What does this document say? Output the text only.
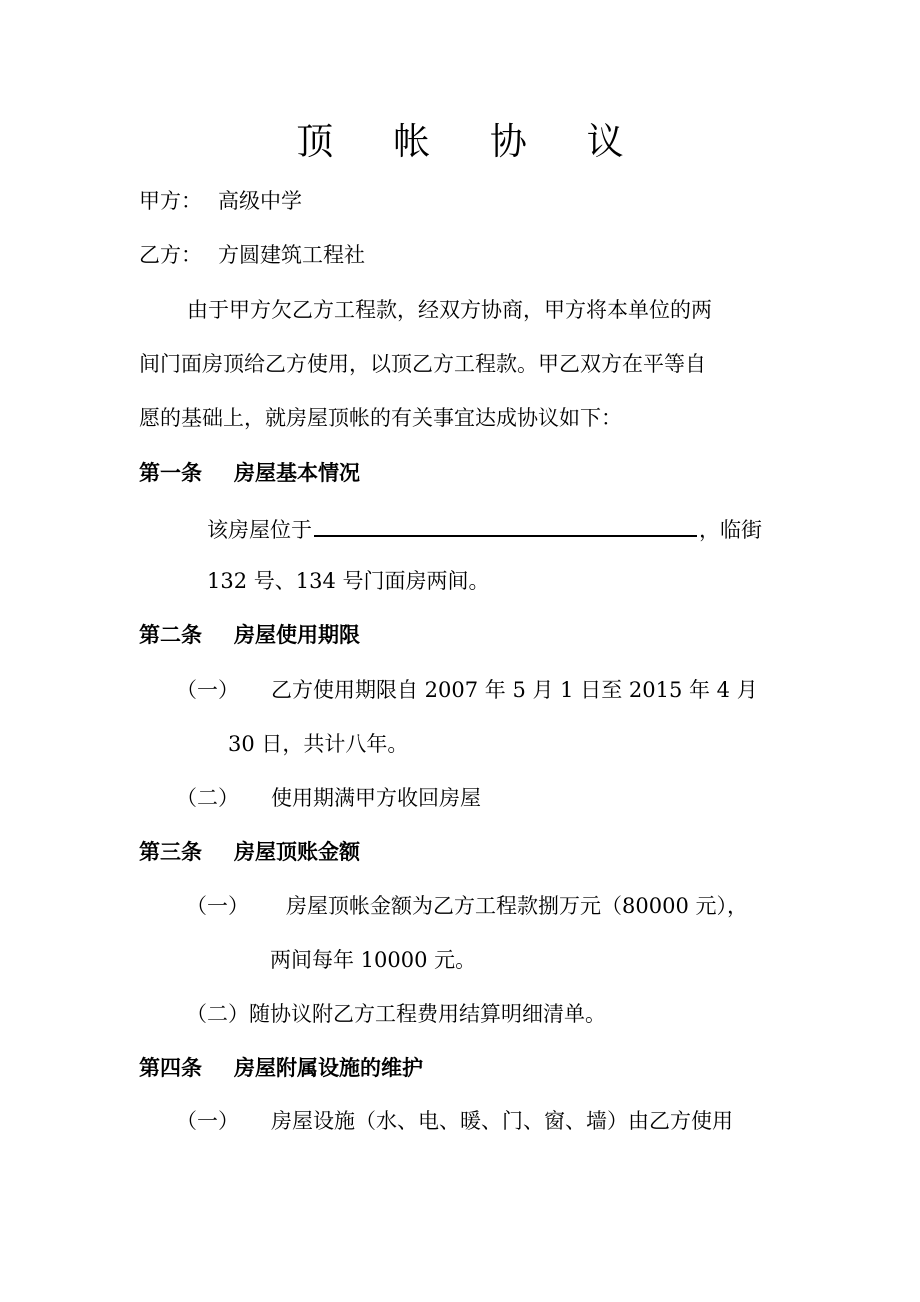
顶 帐 协 议
甲方： 高级中学
乙方： 方圆建筑工程社
由于甲方欠乙方工程款，经双方协商，甲方将本单位的两
间门面房顶给乙方使用，以顶乙方工程款。甲乙双方在平等自
愿的基础上，就房屋顶帐的有关事宜达成协议如下：
第一条 房屋基本情况
该房屋位于	，临街
132 号、134 号门面房两间。
第二条 房屋使用期限
（一） 乙方使用期限自 2007 年 5 月 1 日至 2015 年 4 月
30 日，共计八年。
（二） 使用期满甲方收回房屋
第三条 房屋顶账金额
（一） 房屋顶帐金额为乙方工程款捌万元（80000 元），
两间每年 10000 元。
（二）随协议附乙方工程费用结算明细清单。
第四条 房屋附属设施的维护
（一） 房屋设施（水、电、暖、门、窗、墙）由乙方使用
